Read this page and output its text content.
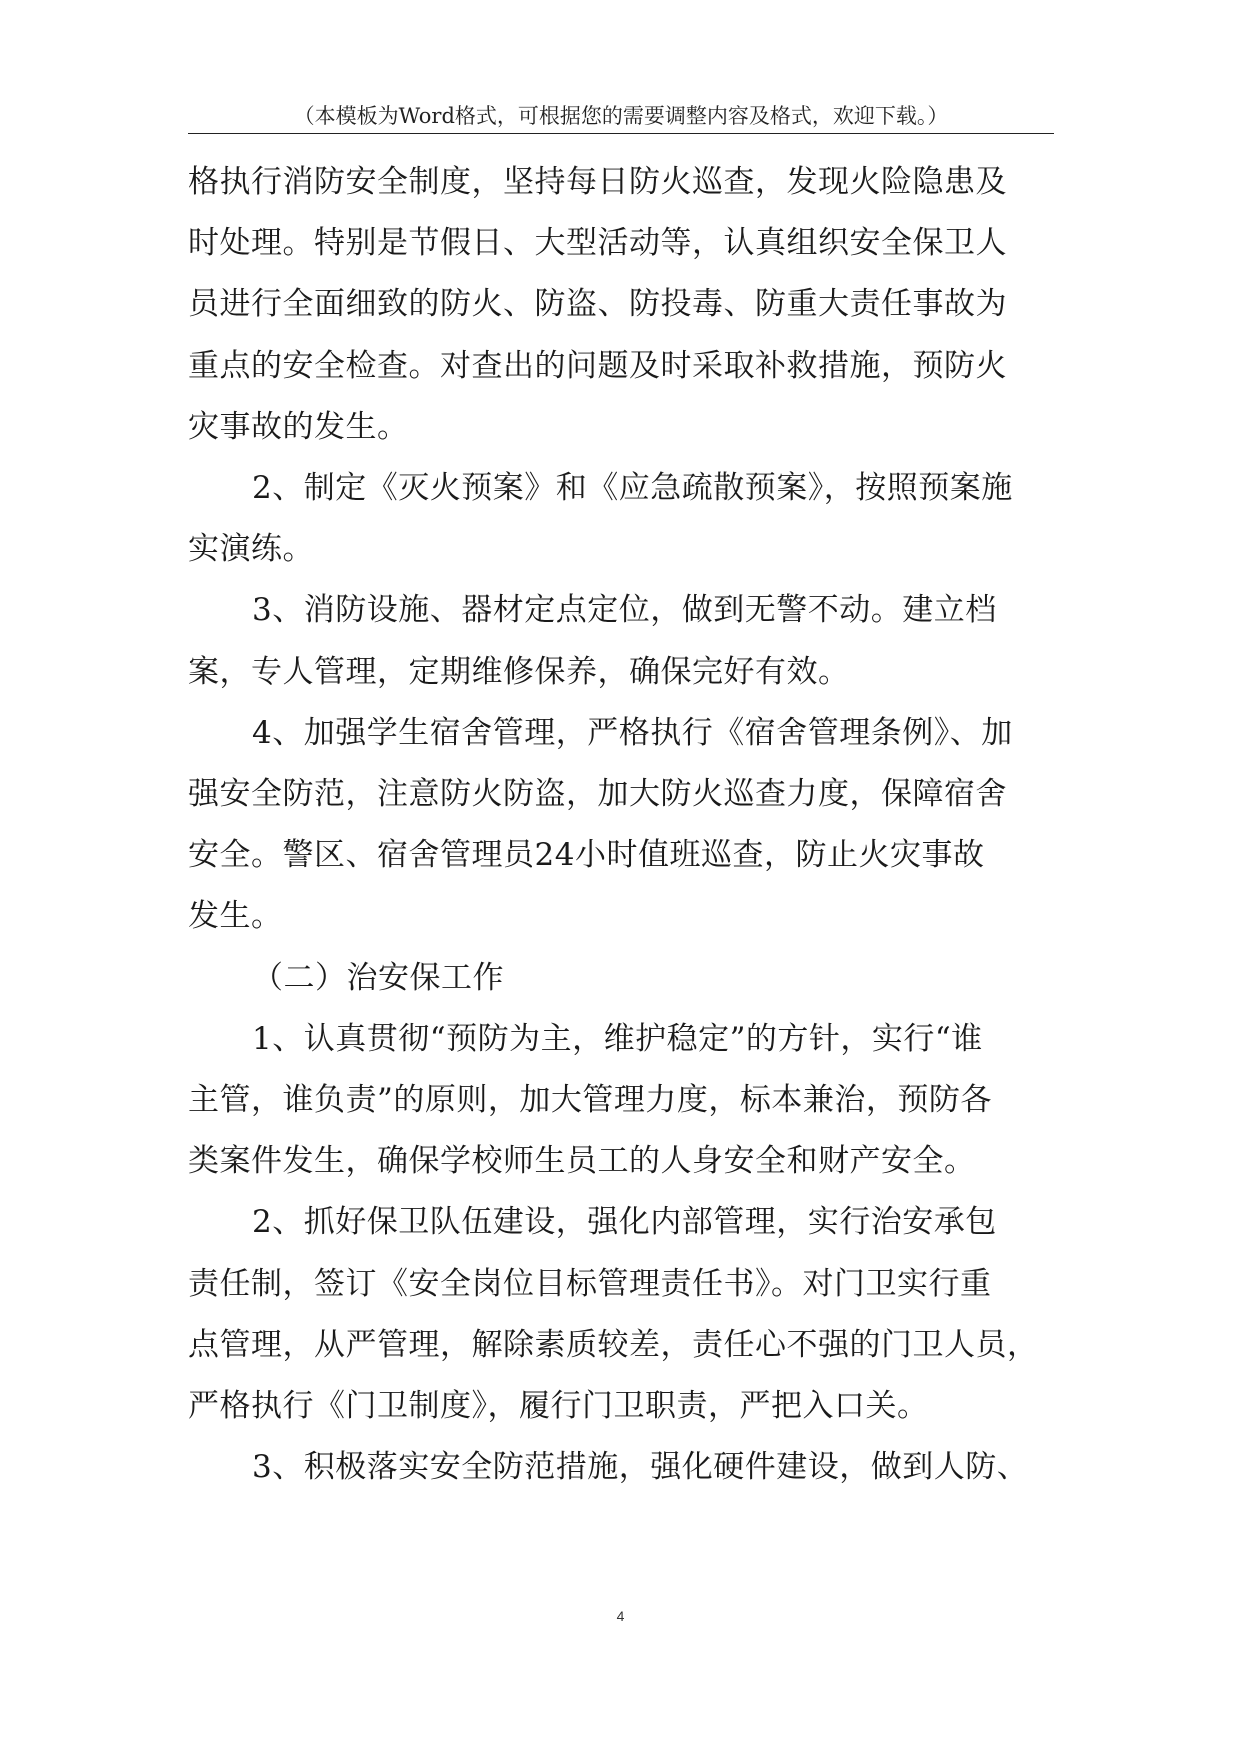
（本模板为Word格式，可根据您的需要调整内容及格式，欢迎下载。）

格执行消防安全制度，坚持每日防火巡查，发现火险隐患及

时处理。特别是节假日、大型活动等，认真组织安全保卫人

员进行全面细致的防火、防盗、防投毒、防重大责任事故为

重点的安全检查。对查出的问题及时采取补救措施，预防火

灾事故的发生。

2、制定《灭火预案》和《应急疏散预案》，按照预案施

实演练。

3、消防设施、器材定点定位，做到无警不动。建立档

案，专人管理，定期维修保养，确保完好有效。

4、加强学生宿舍管理，严格执行《宿舍管理条例》、加

强安全防范，注意防火防盗，加大防火巡查力度，保障宿舍

安全。警区、宿舍管理员24小时值班巡查，防止火灾事故

发生。

（二）治安保工作

1、认真贯彻“预防为主，维护稳定”的方针，实行“谁

主管，谁负责”的原则，加大管理力度，标本兼治，预防各

类案件发生，确保学校师生员工的人身安全和财产安全。

2、抓好保卫队伍建设，强化内部管理，实行治安承包

责任制，签订《安全岗位目标管理责任书》。对门卫实行重

点管理，从严管理，解除素质较差，责任心不强的门卫人员，

严格执行《门卫制度》，履行门卫职责，严把入口关。

3、积极落实安全防范措施，强化硬件建设，做到人防、

4
